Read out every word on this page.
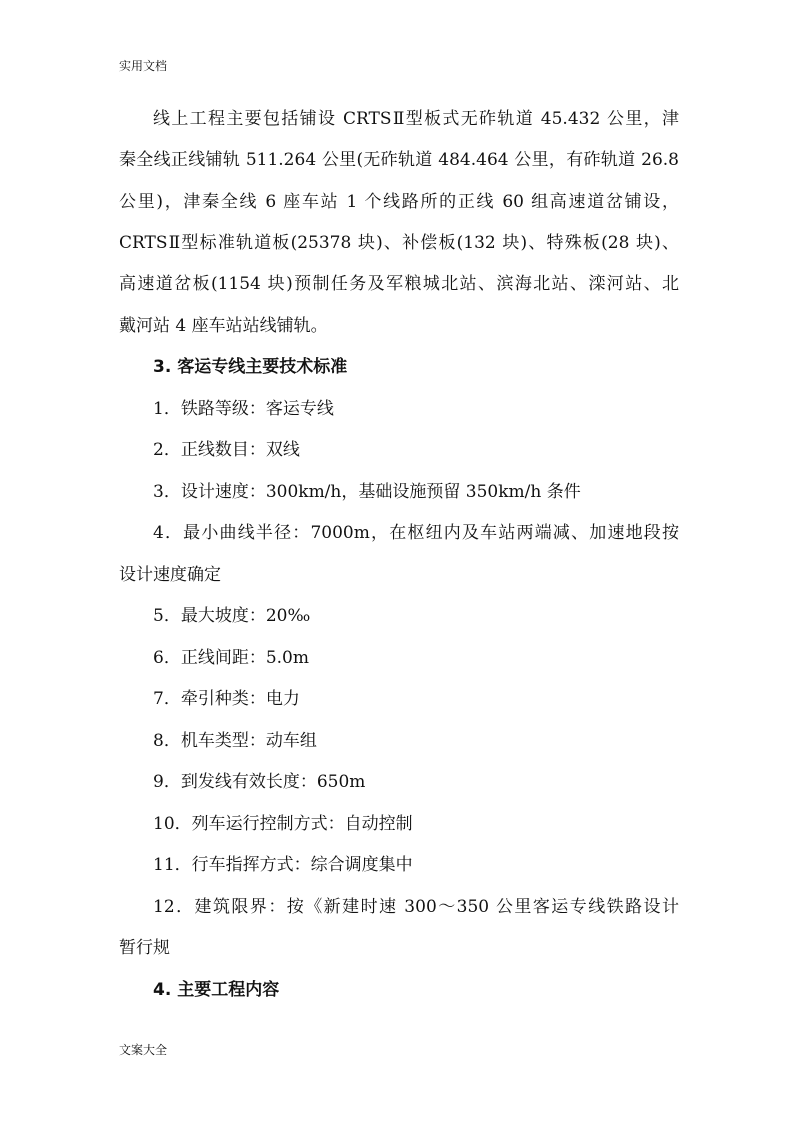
实用文档
线上工程主要包括铺设 CRTSⅡ型板式无砟轨道 45.432 公里，津
秦全线正线铺轨 511.264 公里(无砟轨道 484.464 公里，有砟轨道 26.8
公里)，津秦全线 6 座车站 1 个线路所的正线 60 组高速道岔铺设，
CRTSⅡ型标准轨道板(25378 块)、补偿板(132 块)、特殊板(28 块)、
高速道岔板(1154 块)预制任务及军粮城北站、滨海北站、滦河站、北
戴河站 4 座车站站线铺轨。
3. 客运专线主要技术标准
1．铁路等级：客运专线
2．正线数目：双线
3．设计速度：300km/h，基础设施预留 350km/h 条件
4．最小曲线半径：7000m，在枢纽内及车站两端减、加速地段按
设计速度确定
5．最大坡度：20‰
6．正线间距：5.0m
7．牵引种类：电力
8．机车类型：动车组
9．到发线有效长度：650m
10．列车运行控制方式：自动控制
11．行车指挥方式：综合调度集中
12．建筑限界：按《新建时速 300～350 公里客运专线铁路设计
暂行规
4. 主要工程内容
文案大全
